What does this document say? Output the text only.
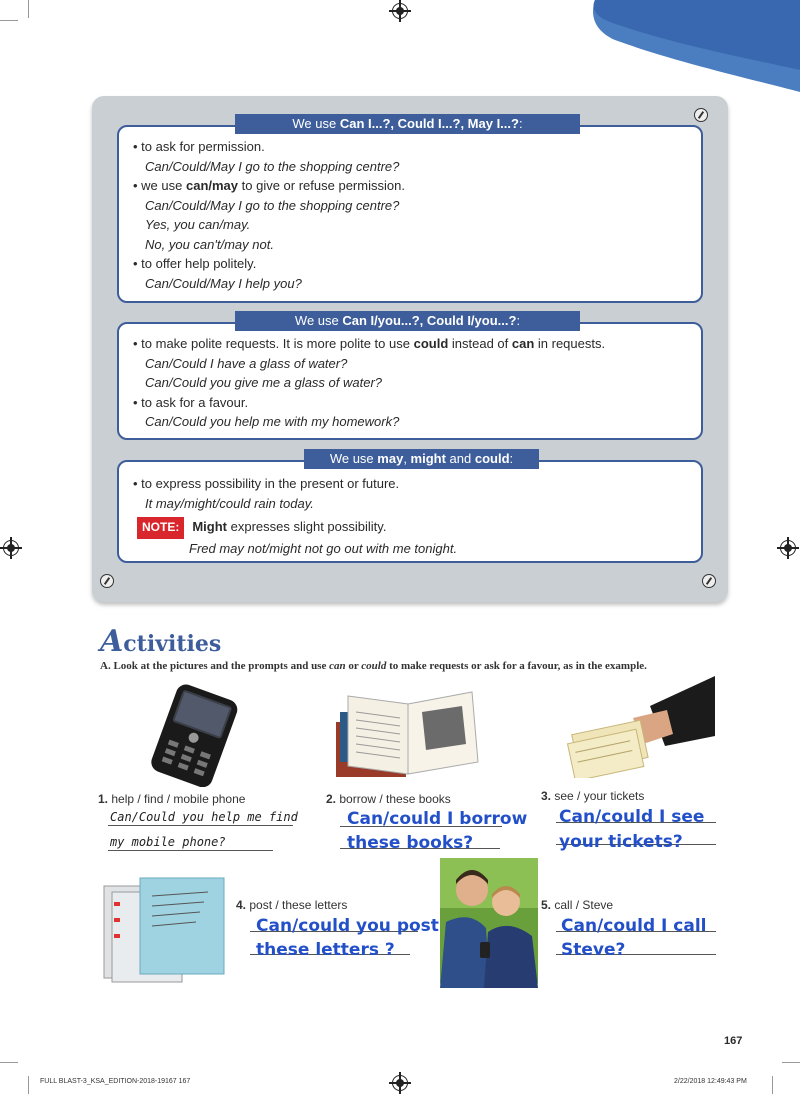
We use Can I...?, Could I...?, May I...?:
• to ask for permission.
Can/Could/May I go to the shopping centre?
• we use can/may to give or refuse permission.
Can/Could/May I go to the shopping centre?
Yes, you can/may.
No, you can't/may not.
• to offer help politely.
Can/Could/May I help you?
We use Can I/you...?, Could I/you...?:
• to make polite requests. It is more polite to use could instead of can in requests.
Can/Could I have a glass of water?
Can/Could you give me a glass of water?
• to ask for a favour.
Can/Could you help me with my homework?
We use may, might and could:
• to express possibility in the present or future.
It may/might/could rain today.
NOTE: Might expresses slight possibility.
Fred may not/might not go out with me tonight.
Activities
A. Look at the pictures and the prompts and use can or could to make requests or ask for a favour, as in the example.
1. help / find / mobile phone
Can/Could you help me find
my mobile phone?
2. borrow / these books
Can/could I borrow
these books?
3. see / your tickets
Can/could I see
your tickets?
4. post / these letters
Can/could you post
these letters ?
5. call / Steve
Can/could I call
Steve?
167
FULL BLAST-3_KSA_EDITION-2018-19167 167	2/22/2018 12:49:43 PM
